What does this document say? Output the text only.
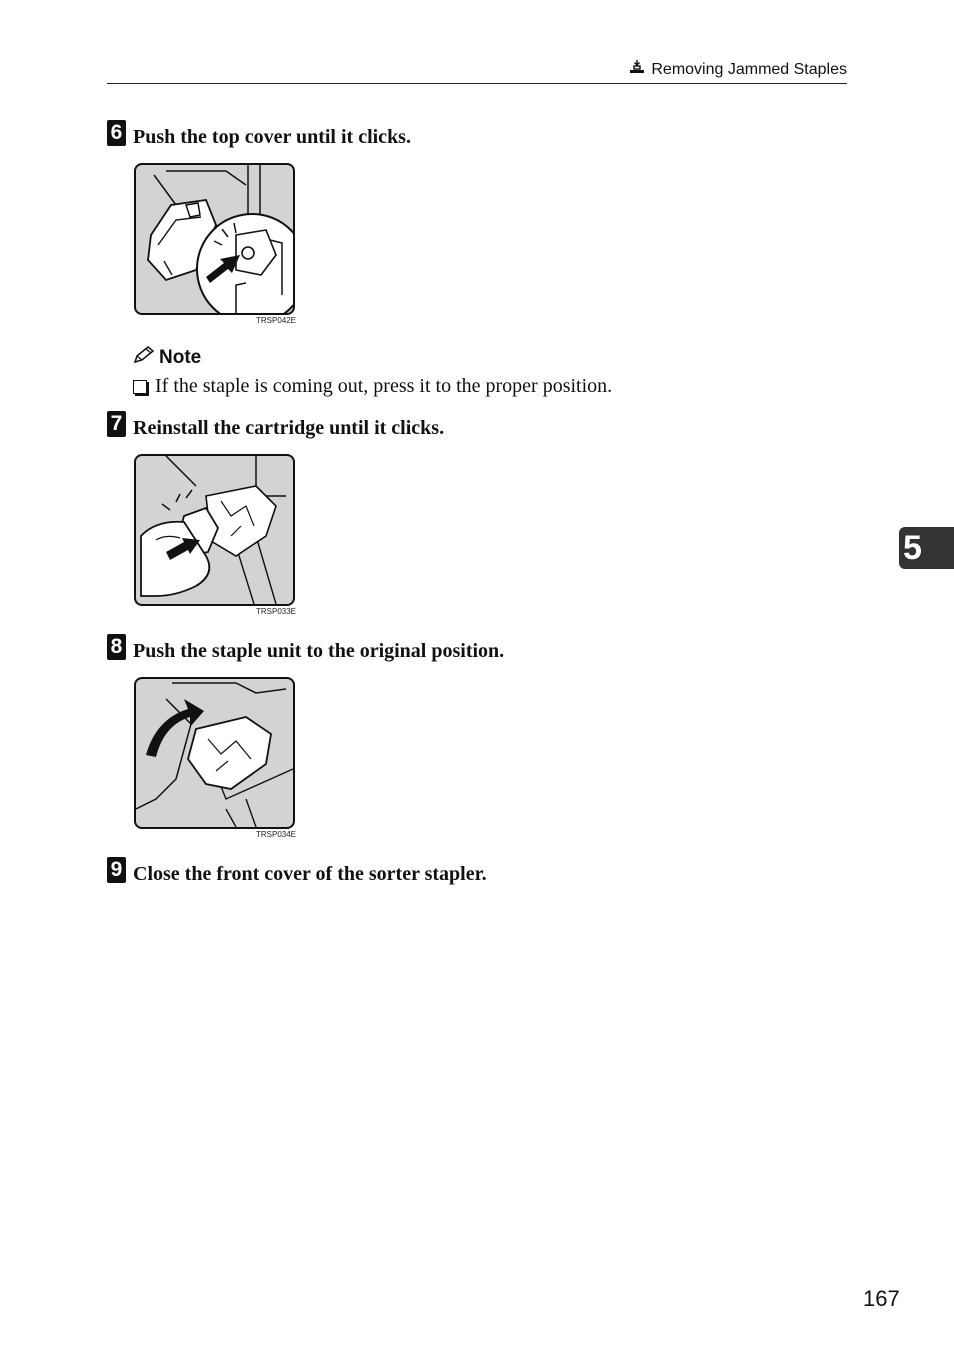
Removing Jammed Staples
6 Push the top cover until it clicks.
TRSP042E
Note
If the staple is coming out, press it to the proper position.
7 Reinstall the cartridge until it clicks.
TRSP033E
8 Push the staple unit to the original position.
TRSP034E
9 Close the front cover of the sorter stapler.
5
167
